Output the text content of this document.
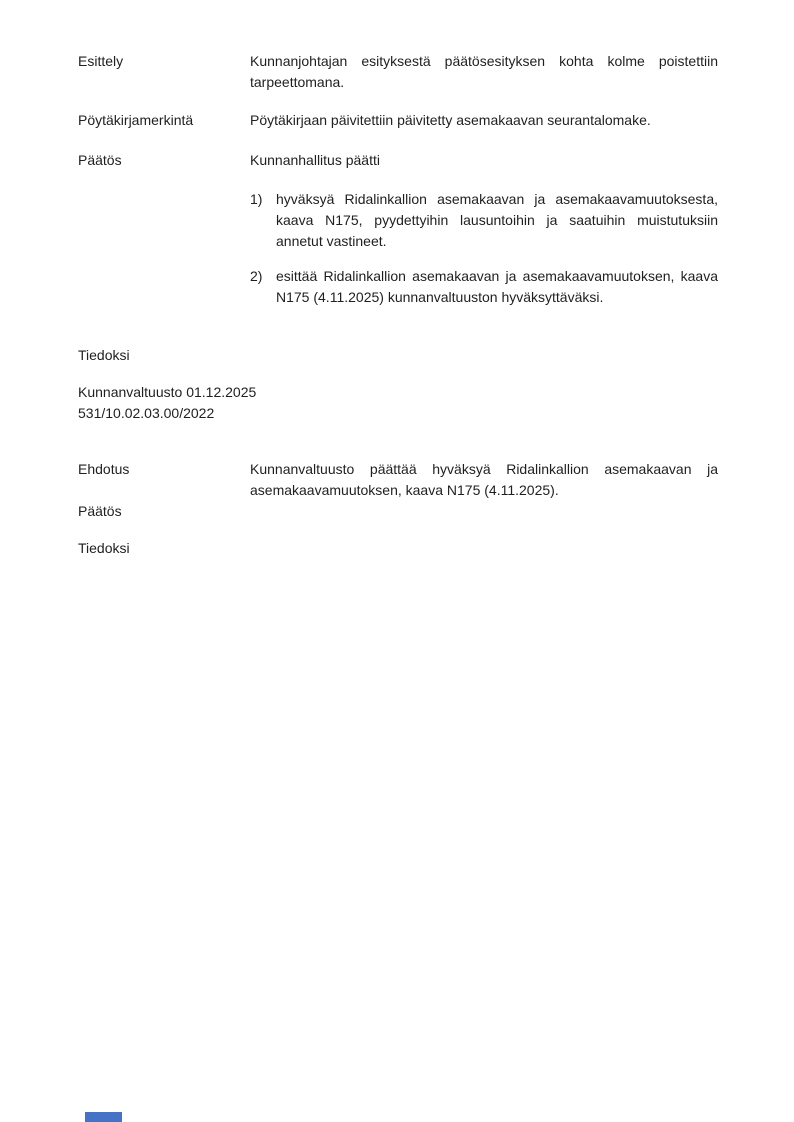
Esittely	Kunnanjohtajan esityksestä päätösesityksen kohta kolme poistettiin tarpeettomana.
Pöytäkirjamerkintä	Pöytäkirjaan päivitettiin päivitetty asemakaavan seurantalomake.
Päätös	Kunnanhallitus päätti
1) hyväksyä Ridalinkallion asemakaavan ja asemakaavamuutoksesta, kaava N175, pyydettyihin lausuntoihin ja saatuihin muistutuksiin annetut vastineet.
2) esittää Ridalinkallion asemakaavan ja asemakaavamuutoksen, kaava N175 (4.11.2025) kunnanvaltuuston hyväksyttäväksi.
Tiedoksi
Kunnanvaltuusto 01.12.2025
531/10.02.03.00/2022
Ehdotus	Kunnanvaltuusto päättää hyväksyä Ridalinkallion asemakaavan ja asemakaavamuutoksen, kaava N175 (4.11.2025).
Päätös
Tiedoksi
